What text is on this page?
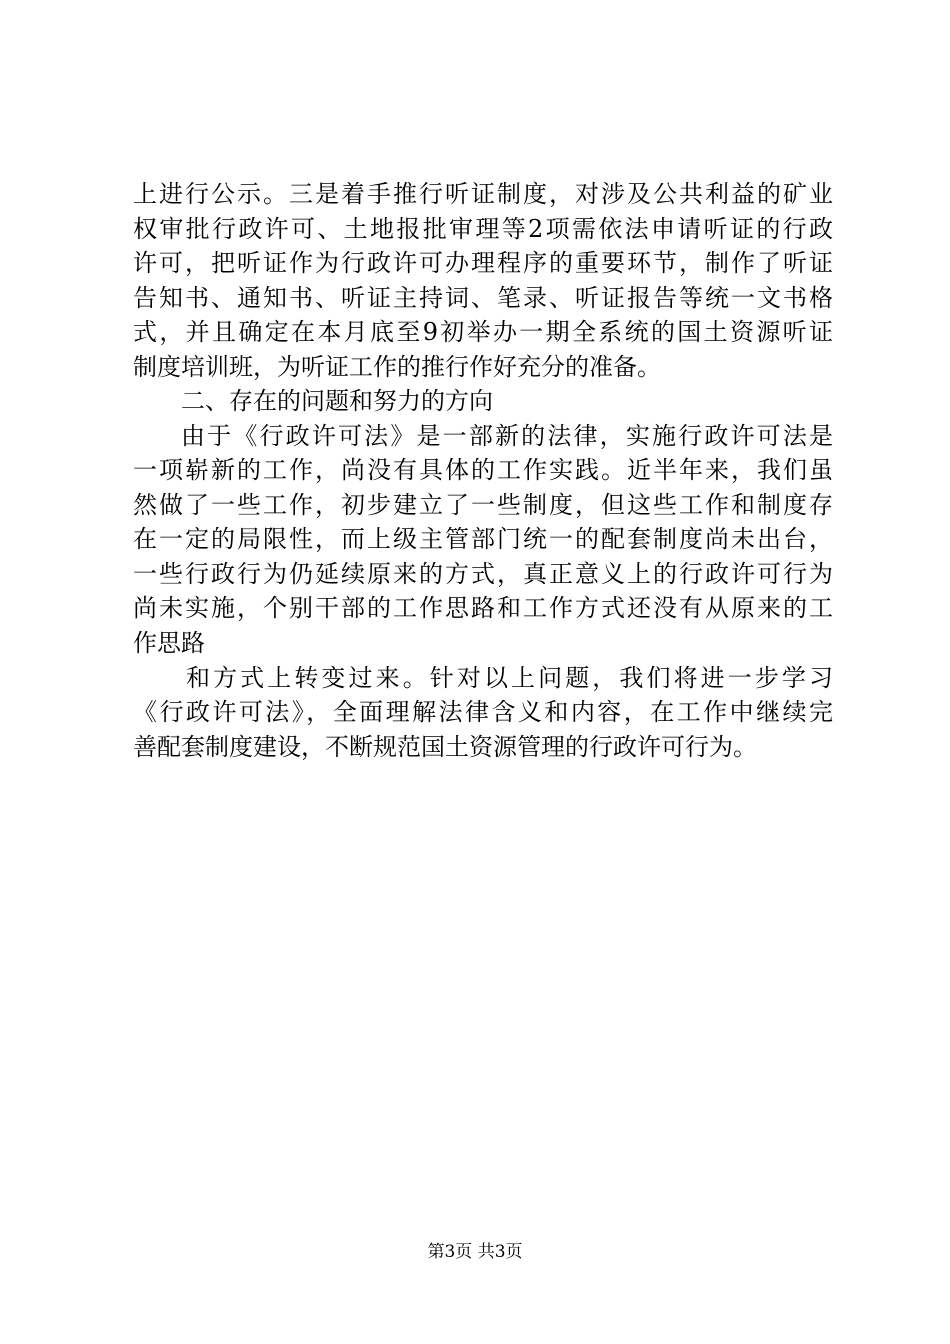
上进行公示。三是着手推行听证制度，对涉及公共利益的矿业
权审批行政许可、土地报批审理等2项需依法申请听证的行政
许可，把听证作为行政许可办理程序的重要环节，制作了听证
告知书、通知书、听证主持词、笔录、听证报告等统一文书格
式，并且确定在本月底至9初举办一期全系统的国土资源听证
制度培训班，为听证工作的推行作好充分的准备。
二、存在的问题和努力的方向
由于《行政许可法》是一部新的法律，实施行政许可法是
一项崭新的工作，尚没有具体的工作实践。近半年来，我们虽
然做了一些工作，初步建立了一些制度，但这些工作和制度存
在一定的局限性，而上级主管部门统一的配套制度尚未出台，
一些行政行为仍延续原来的方式，真正意义上的行政许可行为
尚未实施，个别干部的工作思路和工作方式还没有从原来的工
作思路
和方式上转变过来。针对以上问题，我们将进一步学习
《行政许可法》，全面理解法律含义和内容，在工作中继续完
善配套制度建设，不断规范国土资源管理的行政许可行为。
第3页 共3页
